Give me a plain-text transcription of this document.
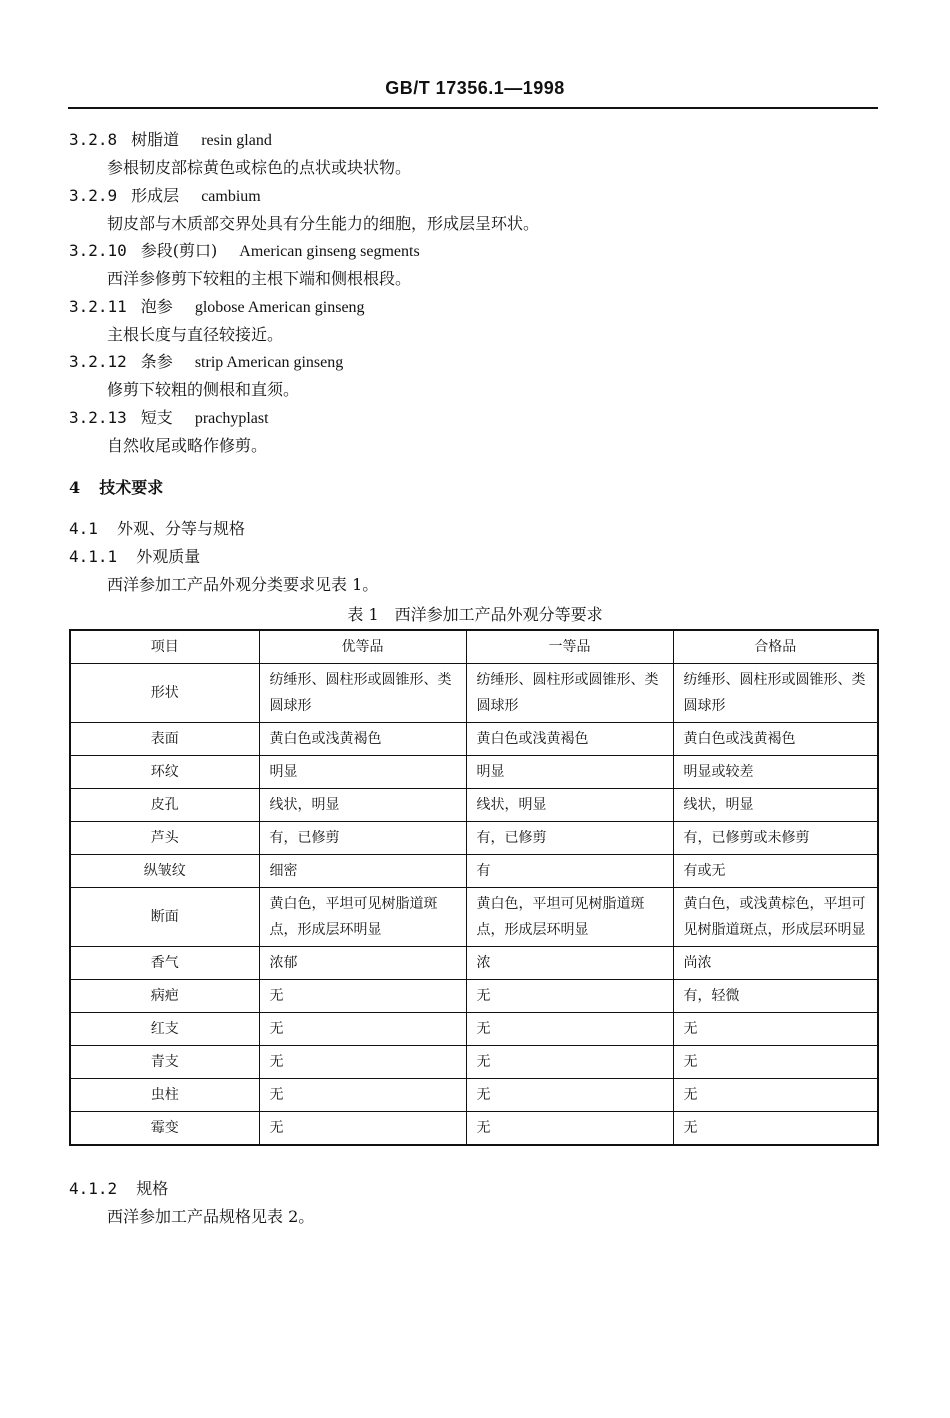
GB/T 17356.1—1998
3.2.8 树脂道 resin gland
参根韧皮部棕黄色或棕色的点状或块状物。
3.2.9 形成层 cambium
韧皮部与木质部交界处具有分生能力的细胞，形成层呈环状。
3.2.10 参段(剪口) American ginseng segments
西洋参修剪下较粗的主根下端和侧根根段。
3.2.11 泡参 globose American ginseng
主根长度与直径较接近。
3.2.12 条参 strip American ginseng
修剪下较粗的侧根和直须。
3.2.13 短支 prachyplast
自然收尾或略作修剪。
4 技术要求
4.1 外观、分等与规格
4.1.1 外观质量
西洋参加工产品外观分类要求见表 1。
表 1　西洋参加工产品外观分等要求
项目	优等品	一等品	合格品
形状	纺缍形、圆柱形或圆锥形、类圆球形	纺缍形、圆柱形或圆锥形、类圆球形	纺缍形、圆柱形或圆锥形、类圆球形
表面	黄白色或浅黄褐色	黄白色或浅黄褐色	黄白色或浅黄褐色
环纹	明显	明显	明显或较差
皮孔	线状，明显	线状，明显	线状，明显
芦头	有，已修剪	有，已修剪	有，已修剪或未修剪
纵皱纹	细密	有	有或无
断面	黄白色，平坦可见树脂道斑点，形成层环明显	黄白色，平坦可见树脂道斑点，形成层环明显	黄白色，或浅黄棕色，平坦可见树脂道斑点，形成层环明显
香气	浓郁	浓	尚浓
病疤	无	无	有，轻微
红支	无	无	无
青支	无	无	无
虫柱	无	无	无
霉变	无	无	无
4.1.2 规格
西洋参加工产品规格见表 2。
